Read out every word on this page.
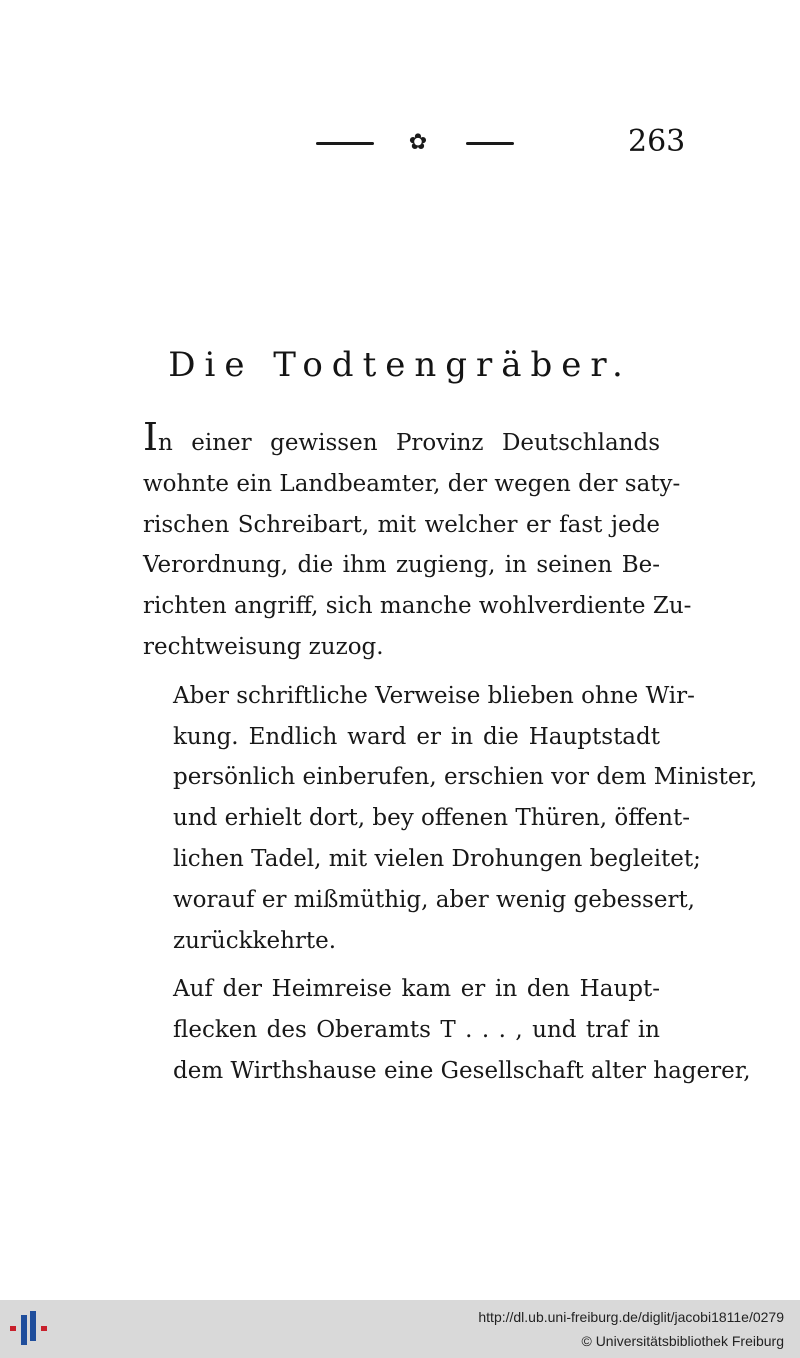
✿	263
Die Todtengräber.

In einer gewissen Provinz Deutschlands
wohnte ein Landbeamter, der wegen der saty-
rischen Schreibart, mit welcher er fast jede
Verordnung, die ihm zugieng, in seinen Be-
richten angriff, sich manche wohlverdiente Zu-
rechtweisung zuzog.

Aber schriftliche Verweise blieben ohne Wir-
kung. Endlich ward er in die Hauptstadt
persönlich einberufen, erschien vor dem Minister,
und erhielt dort, bey offenen Thüren, öffent-
lichen Tadel, mit vielen Drohungen begleitet;
worauf er mißmüthig, aber wenig gebessert,
zurückkehrte.

Auf der Heimreise kam er in den Haupt-
flecken des Oberamts T . . . , und traf in
dem Wirthshause eine Gesellschaft alter hagerer,

http://dl.ub.uni-freiburg.de/diglit/jacobi1811e/0279
© Universitätsbibliothek Freiburg
